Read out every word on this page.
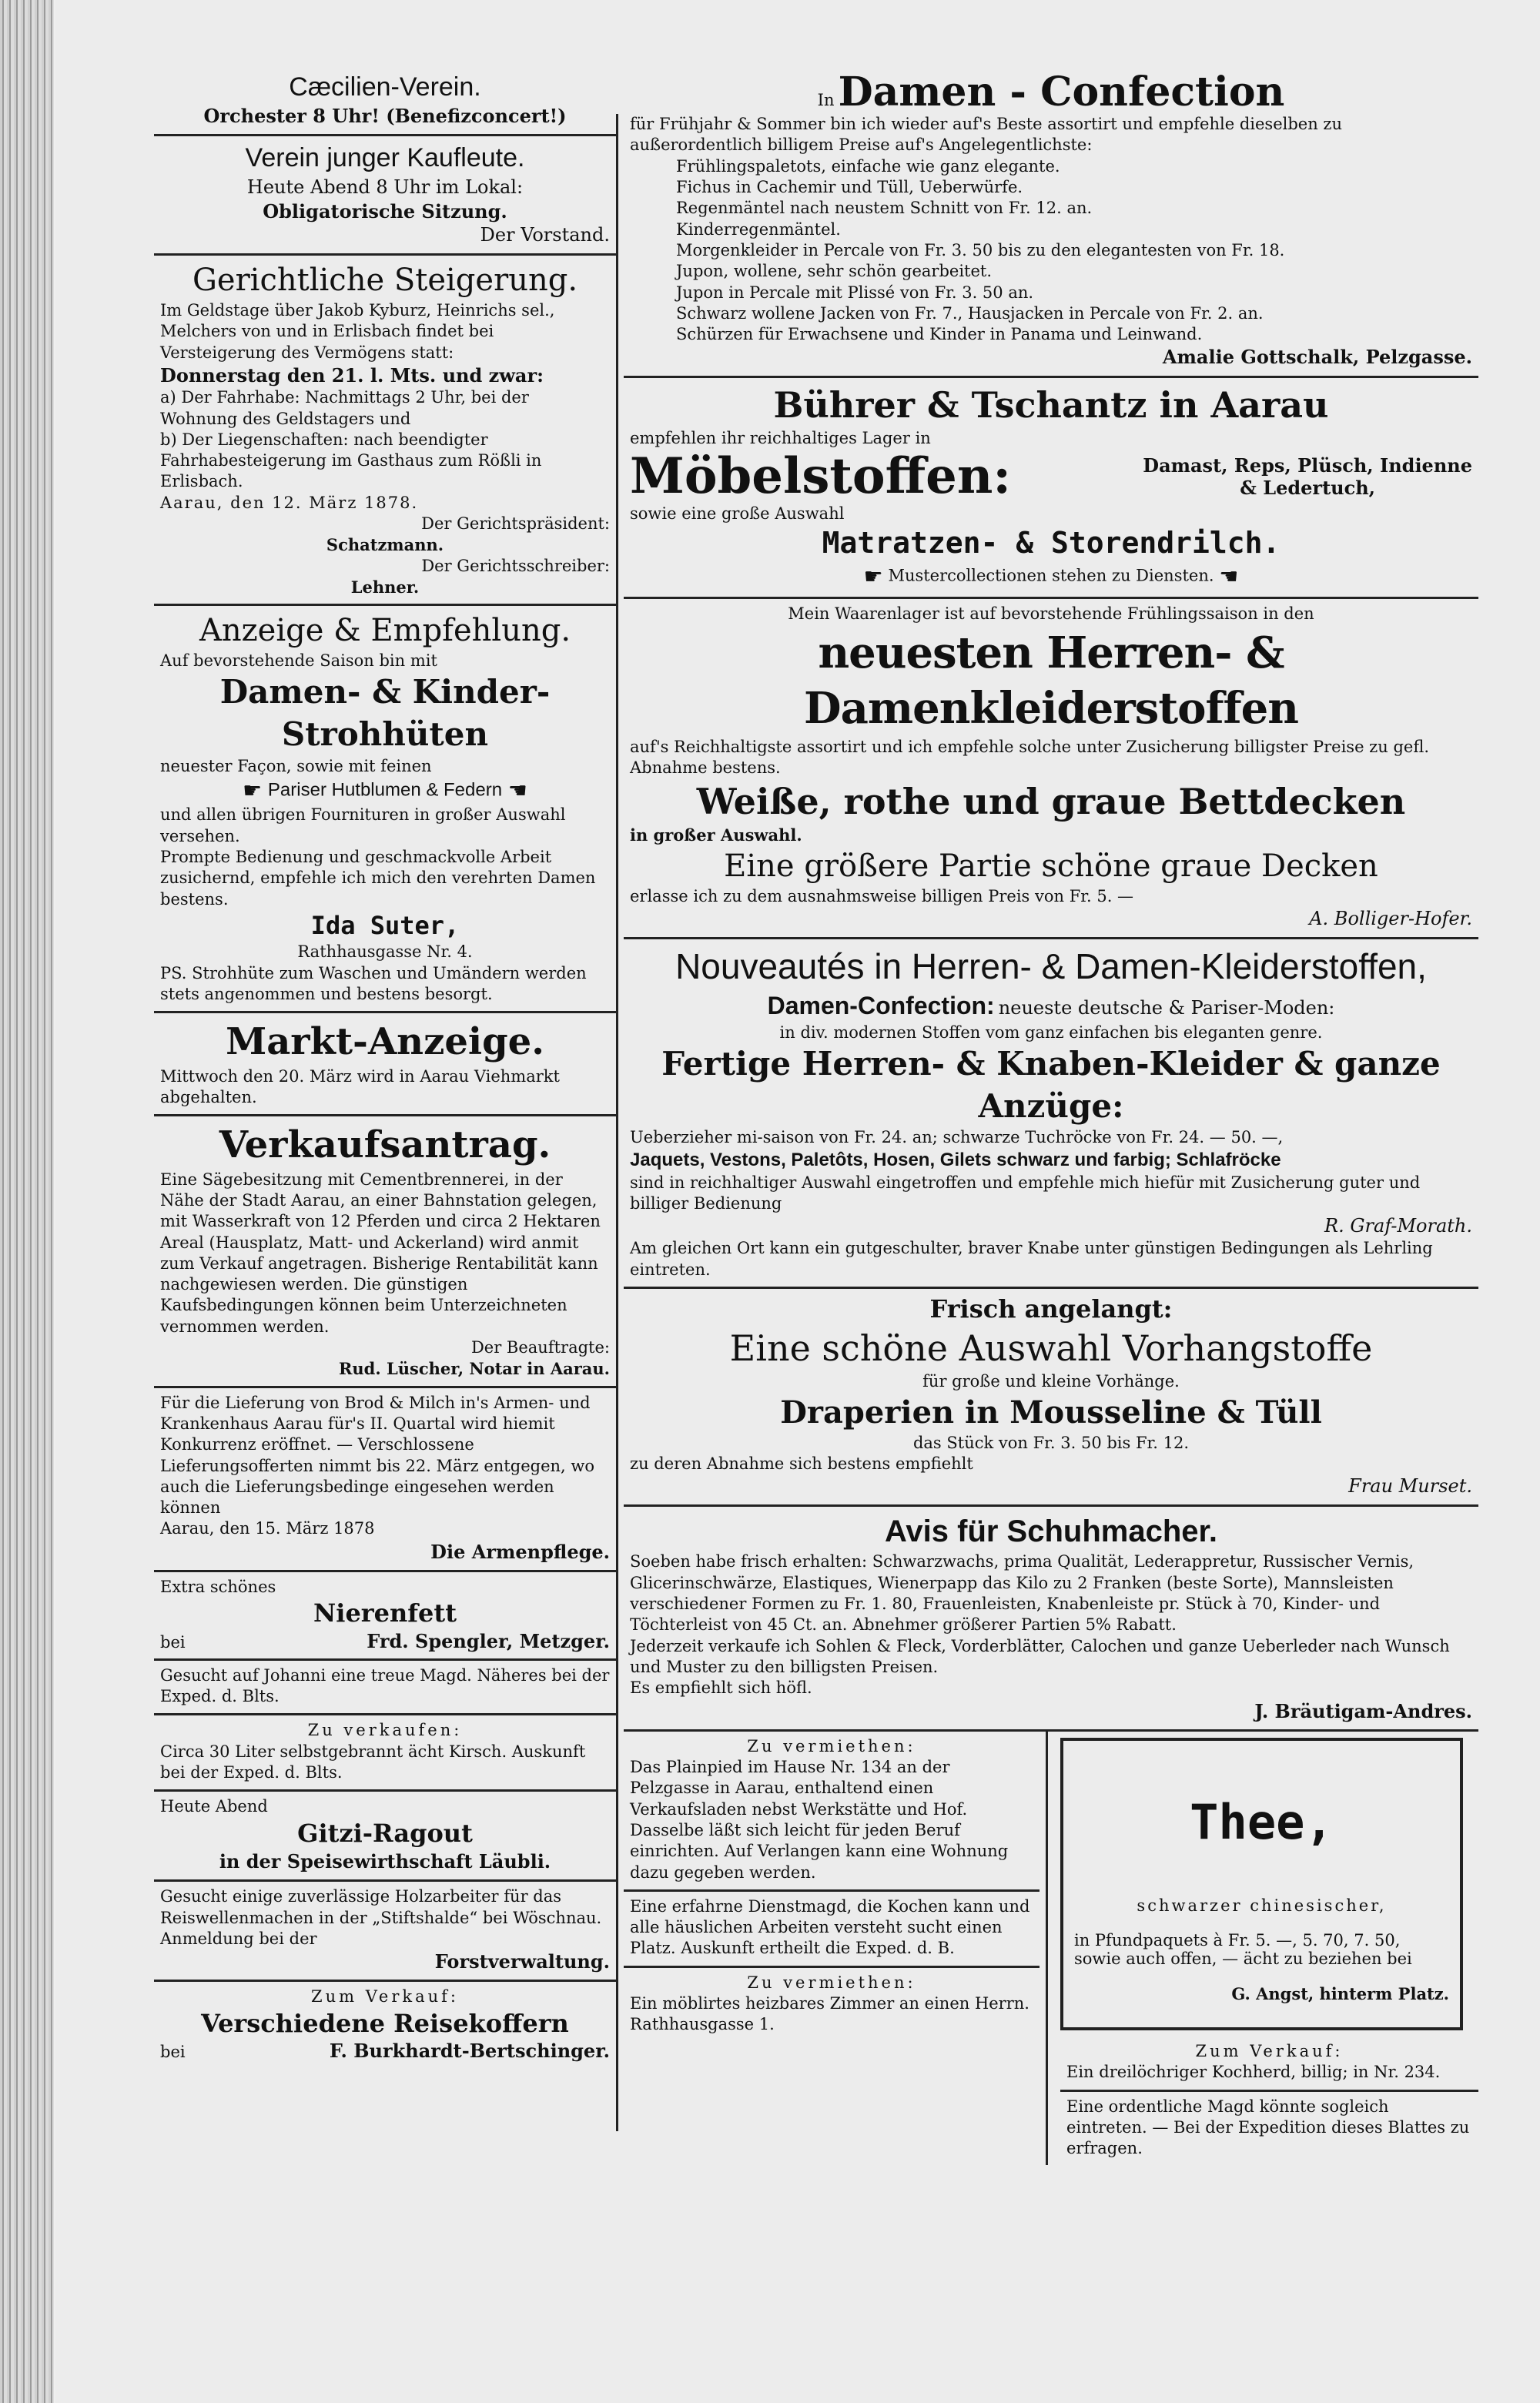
Cæcilien-Verein.

Orchester 8 Uhr! (Benefizconcert!)

Verein junger Kaufleute.

Heute Abend 8 Uhr im Lokal:

Obligatorische Sitzung.

Der Vorstand.

Gerichtliche Steigerung.

Im Geldstage über Jakob Kyburz, Heinrichs sel., Melchers von und in Erlisbach findet bei Versteigerung des Vermögens statt:

Donnerstag den 21. l. Mts. und zwar:

a) Der Fahrhabe: Nachmittags 2 Uhr, bei der Wohnung des Geldstagers und

b) Der Liegenschaften: nach beendigter Fahrhabesteigerung im Gasthaus zum Rößli in Erlisbach.

Aarau, den 12. März 1878.

Der Gerichtspräsident:

Schatzmann.

Der Gerichtsschreiber:

Lehner.

Anzeige & Empfehlung.

Auf bevorstehende Saison bin mit

Damen- & Kinder-Strohhüten

neuester Façon, sowie mit feinen

☛ Pariser Hutblumen & Federn ☚

und allen übrigen Fournituren in großer Auswahl versehen.

Prompte Bedienung und geschmackvolle Arbeit zusichernd, empfehle ich mich den verehrten Damen bestens.

Ida Suter,

Rathhausgasse Nr. 4.

PS. Strohhüte zum Waschen und Umändern werden stets angenommen und bestens besorgt.

Markt-Anzeige.

Mittwoch den 20. März wird in Aarau Viehmarkt abgehalten.

Verkaufsantrag.

Eine Sägebesitzung mit Cementbrennerei, in der Nähe der Stadt Aarau, an einer Bahnstation gelegen, mit Wasserkraft von 12 Pferden und circa 2 Hektaren Areal (Hausplatz, Matt- und Ackerland) wird anmit zum Verkauf angetragen. Bisherige Rentabilität kann nachgewiesen werden. Die günstigen Kaufsbedingungen können beim Unterzeichneten vernommen werden.

Der Beauftragte:

Rud. Lüscher, Notar in Aarau.

Für die Lieferung von Brod & Milch in's Armen- und Krankenhaus Aarau für's II. Quartal wird hiemit Konkurrenz eröffnet. — Verschlossene Lieferungsofferten nimmt bis 22. März entgegen, wo auch die Lieferungsbedinge eingesehen werden können

Aarau, den 15. März 1878

Die Armenpflege.

Extra schönes

Nierenfett

bei	Frd. Spengler, Metzger.

Gesucht auf Johanni eine treue Magd. Näheres bei der Exped. d. Blts.

Zu verkaufen:

Circa 30 Liter selbstgebrannt ächt Kirsch. Auskunft bei der Exped. d. Blts.

Heute Abend

Gitzi-Ragout

in der Speisewirthschaft Läubli.

Gesucht einige zuverlässige Holzarbeiter für das Reiswellenmachen in der „Stiftshalde“ bei Wöschnau. Anmeldung bei der

Forstverwaltung.

Zum Verkauf:

Verschiedene Reisekoffern

bei	F. Burkhardt-Bertschinger.

In Damen - Confection

für Frühjahr & Sommer bin ich wieder auf's Beste assortirt und empfehle dieselben zu außerordentlich billigem Preise auf's Angelegentlichste:

Frühlingspaletots, einfache wie ganz elegante.

Fichus in Cachemir und Tüll, Ueberwürfe.

Regenmäntel nach neustem Schnitt von Fr. 12. an.

Kinderregenmäntel.

Morgenkleider in Percale von Fr. 3. 50 bis zu den elegantesten von Fr. 18.

Jupon, wollene, sehr schön gearbeitet.

Jupon in Percale mit Plissé von Fr. 3. 50 an.

Schwarz wollene Jacken von Fr. 7., Hausjacken in Percale von Fr. 2. an.

Schürzen für Erwachsene und Kinder in Panama und Leinwand.

Amalie Gottschalk, Pelzgasse.

Bührer & Tschantz in Aarau

empfehlen ihr reichhaltiges Lager in

Möbelstoffen:	Damast, Reps, Plüsch, Indienne
& Ledertuch,

sowie eine große Auswahl

Matratzen- & Storendrilch.

☛ Mustercollectionen stehen zu Diensten. ☚

Mein Waarenlager ist auf bevorstehende Frühlingssaison in den

neuesten Herren- & Damenkleiderstoffen

auf's Reichhaltigste assortirt und ich empfehle solche unter Zusicherung billigster Preise zu gefl. Abnahme bestens.

Weiße, rothe und graue Bettdecken

in großer Auswahl.

Eine größere Partie schöne graue Decken

erlasse ich zu dem ausnahmsweise billigen Preis von Fr. 5. —

A. Bolliger-Hofer.

Nouveautés in Herren- & Damen-Kleiderstoffen,

Damen-Confection: neueste deutsche & Pariser-Moden:

in div. modernen Stoffen vom ganz einfachen bis eleganten genre.

Fertige Herren- & Knaben-Kleider & ganze Anzüge:

Ueberzieher mi-saison von Fr. 24. an; schwarze Tuchröcke von Fr. 24. — 50. —,

Jaquets, Vestons, Paletôts, Hosen, Gilets schwarz und farbig; Schlafröcke

sind in reichhaltiger Auswahl eingetroffen und empfehle mich hiefür mit Zusicherung guter und billiger Bedienung

R. Graf-Morath.

Am gleichen Ort kann ein gutgeschulter, braver Knabe unter günstigen Bedingungen als Lehrling eintreten.

Frisch angelangt:

Eine schöne Auswahl Vorhangstoffe

für große und kleine Vorhänge.

Draperien in Mousseline & Tüll

das Stück von Fr. 3. 50 bis Fr. 12.

zu deren Abnahme sich bestens empfiehlt

Frau Murset.

Avis für Schuhmacher.

Soeben habe frisch erhalten: Schwarzwachs, prima Qualität, Lederappretur, Russischer Vernis, Glicerinschwärze, Elastiques, Wienerpapp das Kilo zu 2 Franken (beste Sorte), Mannsleisten verschiedener Formen zu Fr. 1. 80, Frauenleisten, Knabenleiste pr. Stück à 70, Kinder- und Töchterleist von 45 Ct. an. Abnehmer größerer Partien 5% Rabatt.

Jederzeit verkaufe ich Sohlen & Fleck, Vorderblätter, Calochen und ganze Ueberleder nach Wunsch und Muster zu den billigsten Preisen.

Es empfiehlt sich höfl.

J. Bräutigam-Andres.

Zu vermiethen:

Das Plainpied im Hause Nr. 134 an der Pelzgasse in Aarau, enthaltend einen Verkaufsladen nebst Werkstätte und Hof. Dasselbe läßt sich leicht für jeden Beruf einrichten. Auf Verlangen kann eine Wohnung dazu gegeben werden.

Eine erfahrne Dienstmagd, die Kochen kann und alle häuslichen Arbeiten versteht sucht einen Platz. Auskunft ertheilt die Exped. d. B.

Zu vermiethen:

Ein möblirtes heizbares Zimmer an einen Herrn. Rathhausgasse 1.

Thee,

schwarzer chinesischer,

in Pfundpaquets à Fr. 5. —, 5. 70, 7. 50, sowie auch offen, — ächt zu beziehen bei

G. Angst, hinterm Platz.

Zum Verkauf:

Ein dreilöchriger Kochherd, billig; in Nr. 234.

Eine ordentliche Magd könnte sogleich eintreten. — Bei der Expedition dieses Blattes zu erfragen.
